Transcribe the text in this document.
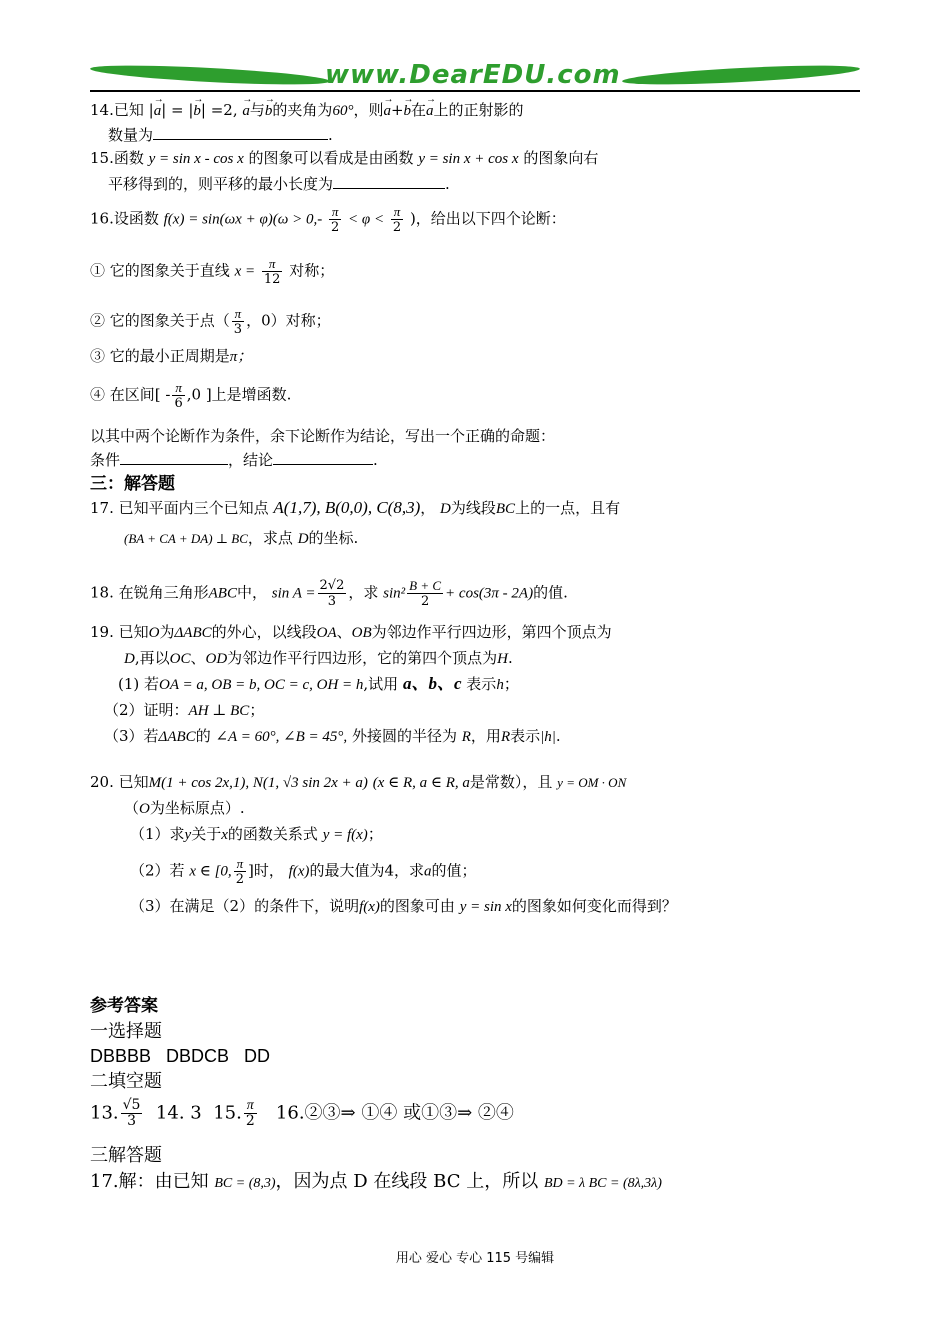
www.DearEDU.com
14.已知 |→ a| = |→ b| =2, → a与→ b的夹角为60°，则→ a+→ b在→ a上的正射影的
数量为	.
15.函数 y = sin x - cos x 的图象可以看成是由函数 y = sin x + cos x 的图象向右
平移得到的，则平移的最小长度为	.
16.设函数 $f(x) = \sin(\omega x + \varphi)(\omega > 0,- \frac{\pi}{2} < \varphi < \frac{\pi}{2}$ )，给出以下四个论断：
① 它的图象关于直线 $x = \frac{\pi}{12}$ 对称；
② 它的图象关于点（ $\frac{\pi}{3}$ ，0）对称；
③ 它的最小正周期是π；
④ 在区间[ - $\frac{\pi}{6} ,0$ ]上是增函数.
以其中两个论断作为条件，余下论断作为结论，写出一个正确的命题：
条件	，结论	.
三：解答题
17. 已知平面内三个已知点 A(1,7), B(0,0), C(8,3)， D为线段BC上的一点，且有
(BA + CA + DA) ⊥ BC，求点 D的坐标.
18. 在锐角三角形ABC中， $\sin A = \frac{2√2}{3}$ ，求 $\sin^2 \frac{B + C}{2} + \cos(3\pi - 2A)$的值.
19. 已知O为ΔABC的外心，以线段OA、OB为邻边作平行四边形，第四个顶点为
D,再以OC、OD为邻边作平行四边形，它的第四个顶点为H.
(1) 若OA = a, OB = b, OC = c, OH = h,试用 a、b、c 表示h；
（2）证明：AH ⊥ BC；
（3）若ΔABC的 ∠A = 60°, ∠B = 45°, 外接圆的半径为 R，用R表示|h|.
20. 已知M(1 + cos 2x,1), N(1, √3 sin 2x + a) (x ∈ R, a ∈ R, a是常数），且 y = OM · ON
（O为坐标原点）.
（1）求y关于x的函数关系式 y = f(x)；
（2）若 x ∈ [0, $\frac{\pi}{2}$ ]时， f(x)的最大值为4，求a的值；
（3）在满足（2）的条件下，说明f(x)的图象可由 y = sin x的图象如何变化而得到？
参考答案
一选择题
DBBBB   DBDCB   DD
二填空题
13. $\frac{√5}{3} 14$. 3 15. $\frac{\pi}{2}$ 16.②③⇒ ①④ 或①③⇒ ②④
三解答题
17.解：由已知 BC = (8,3)，因为点 D 在线段 BC 上，所以 BD = λ BC = (8λ,3λ)
用心 爱心 专心 115 号编辑
